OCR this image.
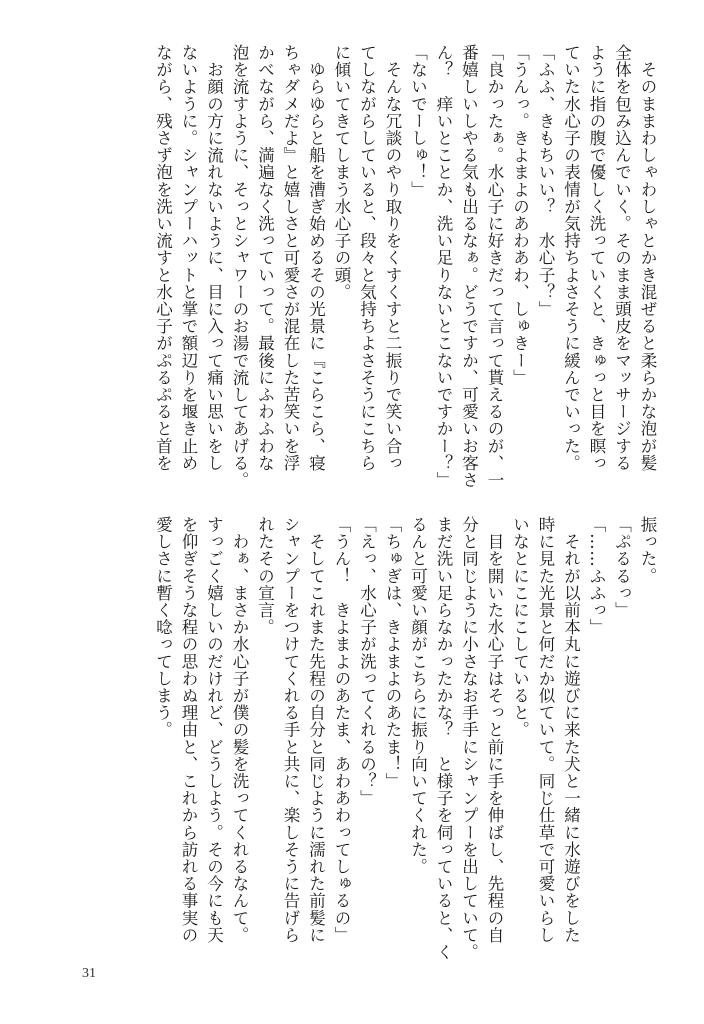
　そのままわしゃわしゃとかき混ぜると柔らかな泡が髪
全体を包み込んでいく。そのまま頭皮をマッサージする
ように指の腹で優しく洗っていくと、きゅっと目を瞑っ
ていた水心子の表情が気持ちよさそうに緩んでいった。
「ふふ、きもちいい？　水心子？」
「うんっ。きよまよのあわあわ、しゅきー」
「良かったぁ。水心子に好きだって言って貰えるのが、一
番嬉しいしやる気も出るなぁ。どうですか、可愛いお客さ
ん？　痒いとことか、洗い足りないとこないですかー？」
「ないでーしゅ！」
　そんな冗談のやり取りをくすくすと二振りで笑い合っ
てしながらしていると、段々と気持ちよさそうにこちら
に傾いてきてしまう水心子の頭。
　ゆらゆらと船を漕ぎ始めるその光景に『こらこら、寝
ちゃダメだよ』と嬉しさと可愛さが混在した苦笑いを浮
かべながら、満遍なく洗っていって。最後にふわふわな
泡を流すように、そっとシャワーのお湯で流してあげる。
　お顔の方に流れないように、目に入って痛い思いをし
ないように。シャンプーハットと掌で額辺りを堰き止め
ながら、残さず泡を洗い流すと水心子がぷるぷると首を
振った。
「ぷるるっ」
「……ふふっ」
　それが以前本丸に遊びに来た犬と一緒に水遊びをした
時に見た光景と何だか似ていて。同じ仕草で可愛いらし
いなとにこにこしていると。
　目を開いた水心子はそっと前に手を伸ばし、先程の自
分と同じように小さなお手手にシャンプーを出していて。
まだ洗い足らなかったかな？　と様子を伺っていると、く
るんと可愛い顔がこちらに振り向いてくれた。
「ちゅぎは、きよまよのあたま！」
「えっ、水心子が洗ってくれるの？」
「うん！　きよまよのあたま、あわあわってしゅるの」
　そしてこれまた先程の自分と同じように濡れた前髪に
シャンプーをつけてくれる手と共に、楽しそうに告げら
れたその宣言。
　わぁ、まさか水心子が僕の髪を洗ってくれるなんて。
すっごく嬉しいのだけれど、どうしよう。その今にも天
を仰ぎそうな程の思わぬ理由と、これから訪れる事実の
愛しさに暫く唸ってしまう。
31
